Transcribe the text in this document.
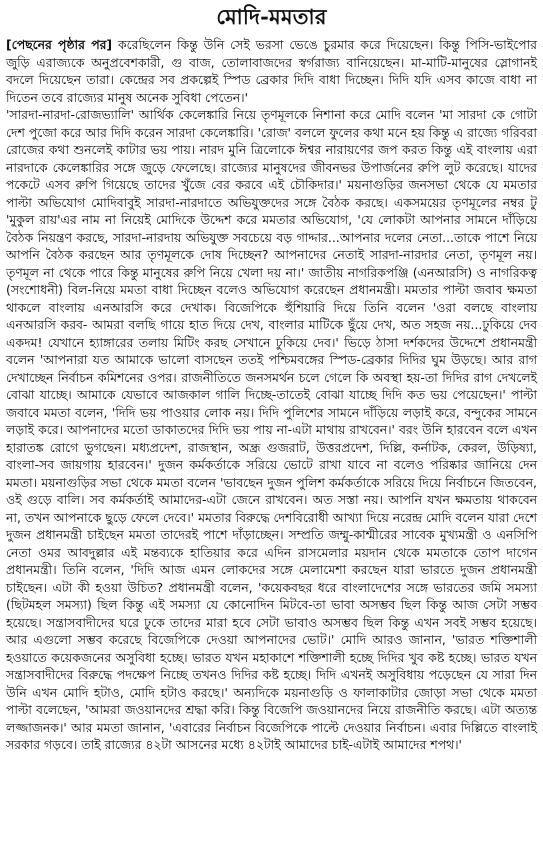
মোদি-মমতার

[পেছনের পৃষ্ঠার পর] করেছিলেন কিন্তু উনি সেই ভরসা ভেঙে চুরমার করে দিয়েছেন। কিন্তু পিসি-ভাইপোর জুড়ি এরাজ্যকে অনুপ্রবেশকারী, গু বাজ, তোলাবাজদের স্বর্গরাজ্য বানিয়েছেন। মা-মাটি-মানুষের স্লোগানই বদলে দিয়েছেন তারা। কেন্দ্রের সব প্রকল্পেই স্পিড ব্রেকার দিদি বাধা দিচ্ছেন। দিদি যদি এসব কাজে বাধা না দিতেন তবে রাজ্যের মানুষ অনেক সুবিধা পেতেন।'

'সারদা-নারদা-রোজভ্যালি' আর্থিক কেলেঙ্কারি নিয়ে তৃণমূলকে নিশানা করে মোদি বলেন 'মা সারদা কে গোটা দেশ পুজো করে আর দিদি করেন সারদা কেলেঙ্কারি। 'রোজ' বললে ফুলের কথা মনে হয় কিন্তু এ রাজ্যে গরিবরা রোজের কথা শুনলেই কাটার ভয় পায়। নারদ মুনি ত্রিলোকে ঈশ্বর নারায়ণের জপ করত কিন্তু এই বাংলায় এরা নারদাকে কেলেঙ্কারির সঙ্গে জুড়ে ফেলেছে। রাজ্যের মানুষদের জীবনভর উপার্জনের রুপি লুট করেছে। যাদের পকেটে এসব রুপি গিয়েছে তাদের খুঁজে বের করবে এই চৌকিদার।' ময়নাগুড়ির জনসভা থেকে যে মমতার পাল্টা অভিযোগ মোদিবাবুই সারদা-নারদাতে অভিযুক্তদের সঙ্গে বৈঠক করছে। একসময়ের তৃণমূলের নম্বর টু 'মুকুল রায়'এর নাম না নিয়েই মোদিকে উদ্দেশ করে মমতার অভিযোগ, 'যে লোকটা আপনার সামনে দাঁড়িয়ে বৈঠক নিয়ন্ত্রণ করছে, সারদা-নারদায় অভিযুক্ত সবচেয়ে বড় গাদ্দার...আপনার দলের নেতা...তাকে পাশে নিয়ে আপনি বৈঠক করছেন আর তৃণমূলকে দোষ দিচ্ছেন? আপনাদের নেতাই সারদা-নারদার নেতা, তৃণমূল নয়। তৃণমূল না থেকে পারে কিন্তু মানুষের রুপি নিয়ে খেলা দয় না।' জাতীয় নাগরিকপঞ্জি (এনআরসি) ও নাগরিকত্ব (সংশোধনী) বিল-নিয়ে মমতা বাধা দিচ্ছেন বলেও অভিযোগ করেছেন প্রধানমন্ত্রী। মমতার পাল্টা জবাব ক্ষমতা থাকলে বাংলায় এনআরসি করে দেখাক। বিজেপিকে হুঁশিয়ারি দিয়ে তিনি বলেন 'ওরা বলছে বাংলায় এনআরসি করব- আমরা বলছি গায়ে হাত দিয়ে দেখ, বাংলার মাটিকে ছুঁয়ে দেখ, অত সহজ নয়...ঢুকিয়ে দেব একদম! যেখানে হ্যাঙ্গারের তলায় মিটিং করছ সেখানে ঢুকিয়ে দেব।' ভিড়ে ঠাসা দর্শকদের উদ্দেশে প্রধানমন্ত্রী বলেন 'আপনারা যত আমাকে ভালো বাসছেন ততই পশ্চিমবঙ্গের স্পিড-ব্রেকার দিদির ঘুম উড়ছে। আর রাগ দেখাচ্ছেন নির্বাচন কমিশনের ওপর। রাজনীতিতে জনসমর্থন চলে গেলে কি অবস্থা হয়-তা দিদির রাগ দেখলেই বোঝা যাচ্ছে। আমাকে যেভাবে আজকাল গালি দিচ্ছে-তাতেই বোঝা যাচ্ছে দিদি কত ভয় পেয়েছেন।' পাল্টা জবাবে মমতা বলেন, 'দিদি ভয় পাওয়ার লোক নয়। দিদি পুলিশের সামনে দাঁড়িয়ে লড়াই করে, বন্দুকের সামনে লড়াই করে। আপনাদের মতো ডাকাতদের দিদি ভয় পায় না-এটা মাথায় রাখবেন।' বরং উনি হারবেন বলে এখন হারাতঙ্ক রোগে ভুগছেন। মধ্যপ্রদেশ, রাজস্থান, অন্ধ্র গুজরাট, উত্তরপ্রদেশ, দিল্লি, কর্নাটক, কেরল, উড়িষ্যা, বাংলা-সব জায়গায় হারবেন।' দুজন কর্মকর্তাকে সরিয়ে ভোটে রাখা যাবে না বলেও পরিষ্কার জানিয়ে দেন মমতা। ময়নাগুড়ির সভা থেকে মমতা বলেন 'ভাবছেন দুজন পুলিশ কর্মকর্তাকে সরিয়ে দিয়ে নির্বাচনে জিতবেন, ওই গুড়ে বালি। সব কর্মকর্তাই আমাদের-এটা জেনে রাখবেন। অত সস্তা নয়। আপনি যখন ক্ষমতায় থাকবেন না, তখন আপনাকে ছুড়ে ফেলে দেবে।' মমতার বিরুদ্ধে দেশবিরোধী আখ্যা দিয়ে নরেন্দ্র মোদি বলেন যারা দেশে দুজন প্রধানমন্ত্রী চাইছেন মমতা তাদেরই পাশে দাঁড়াচ্ছেন। সম্প্রতি জম্মু-কাশ্মীরের সাবেক মুখ্যমন্ত্রী ও এনসিপি নেতা ওমর আবদুল্লার এই মন্তব্যকে হাতিয়ার করে এদিন রাসমেলার ময়দান থেকে মমতাকে তোপ দাগেন প্রধানমন্ত্রী। তিনি বলেন, 'দিদি আজ এমন লোকদের সঙ্গে মেলামেশা করছেন যারা ভারতে দুজন প্রধানমন্ত্রী চাইছেন। এটা কী হওয়া উচিত? প্রধানমন্ত্রী বলেন, 'কয়েকবছর ধরে বাংলাদেশের সঙ্গে ভারতের জমি সমস্যা (ছিটমহল সমস্যা) ছিল কিন্তু এই সমস্যা যে কোনোদিন মিটবে-তা ভাবা অসম্ভব ছিল কিন্তু আজ সেটা সম্ভব হয়েছে। সন্ত্রাসবাদীদের ঘরে ঢুকে তাদের মারা হবে সেটা ভাবাও অসম্ভব ছিল কিন্তু এখন সবই সম্ভব হয়েছে। আর এগুলো সম্ভব করেছে বিজেপিকে দেওয়া আপনাদের ভোট।' মোদি আরও জানান, 'ভারত শক্তিশালী হওয়াতে কয়েকজনের অসুবিধা হচ্ছে। ভারত যখন মহাকাশে শক্তিশালী হচ্ছে দিদির খুব কষ্ট হচ্ছে। ভারত যখন সন্ত্রাসবাদীদের বিরুদ্ধে পদক্ষেপ নিচ্ছে তখনও দিদির কষ্ট হচ্ছে। দিদি এখনই অসুবিধায় পড়েছেন যে সারা দিন উনি এখন মোদি হটাও, মোদি হটাও করছে।' অন্যদিকে ময়নাগুড়ি ও ফালাকাটার জোড়া সভা থেকে মমতা পাল্টা বলেছেন, 'আমরা জওয়ানদের শ্রদ্ধা করি। কিন্তু বিজেপি জওয়ানদের নিয়ে রাজনীতি করছে। এটা অত্যন্ত লজ্জাজনক।' আর মমতা জানান, 'এবারের নির্বাচন বিজেপিকে পাল্টে দেওয়ার নির্বাচন। এবার দিল্লিতে বাংলাই সরকার গড়বে। তাই রাজ্যের ৪২টা আসনের মধ্যে ৪২টাই আমাদের চাই-এটাই আমাদের শপথ।'
